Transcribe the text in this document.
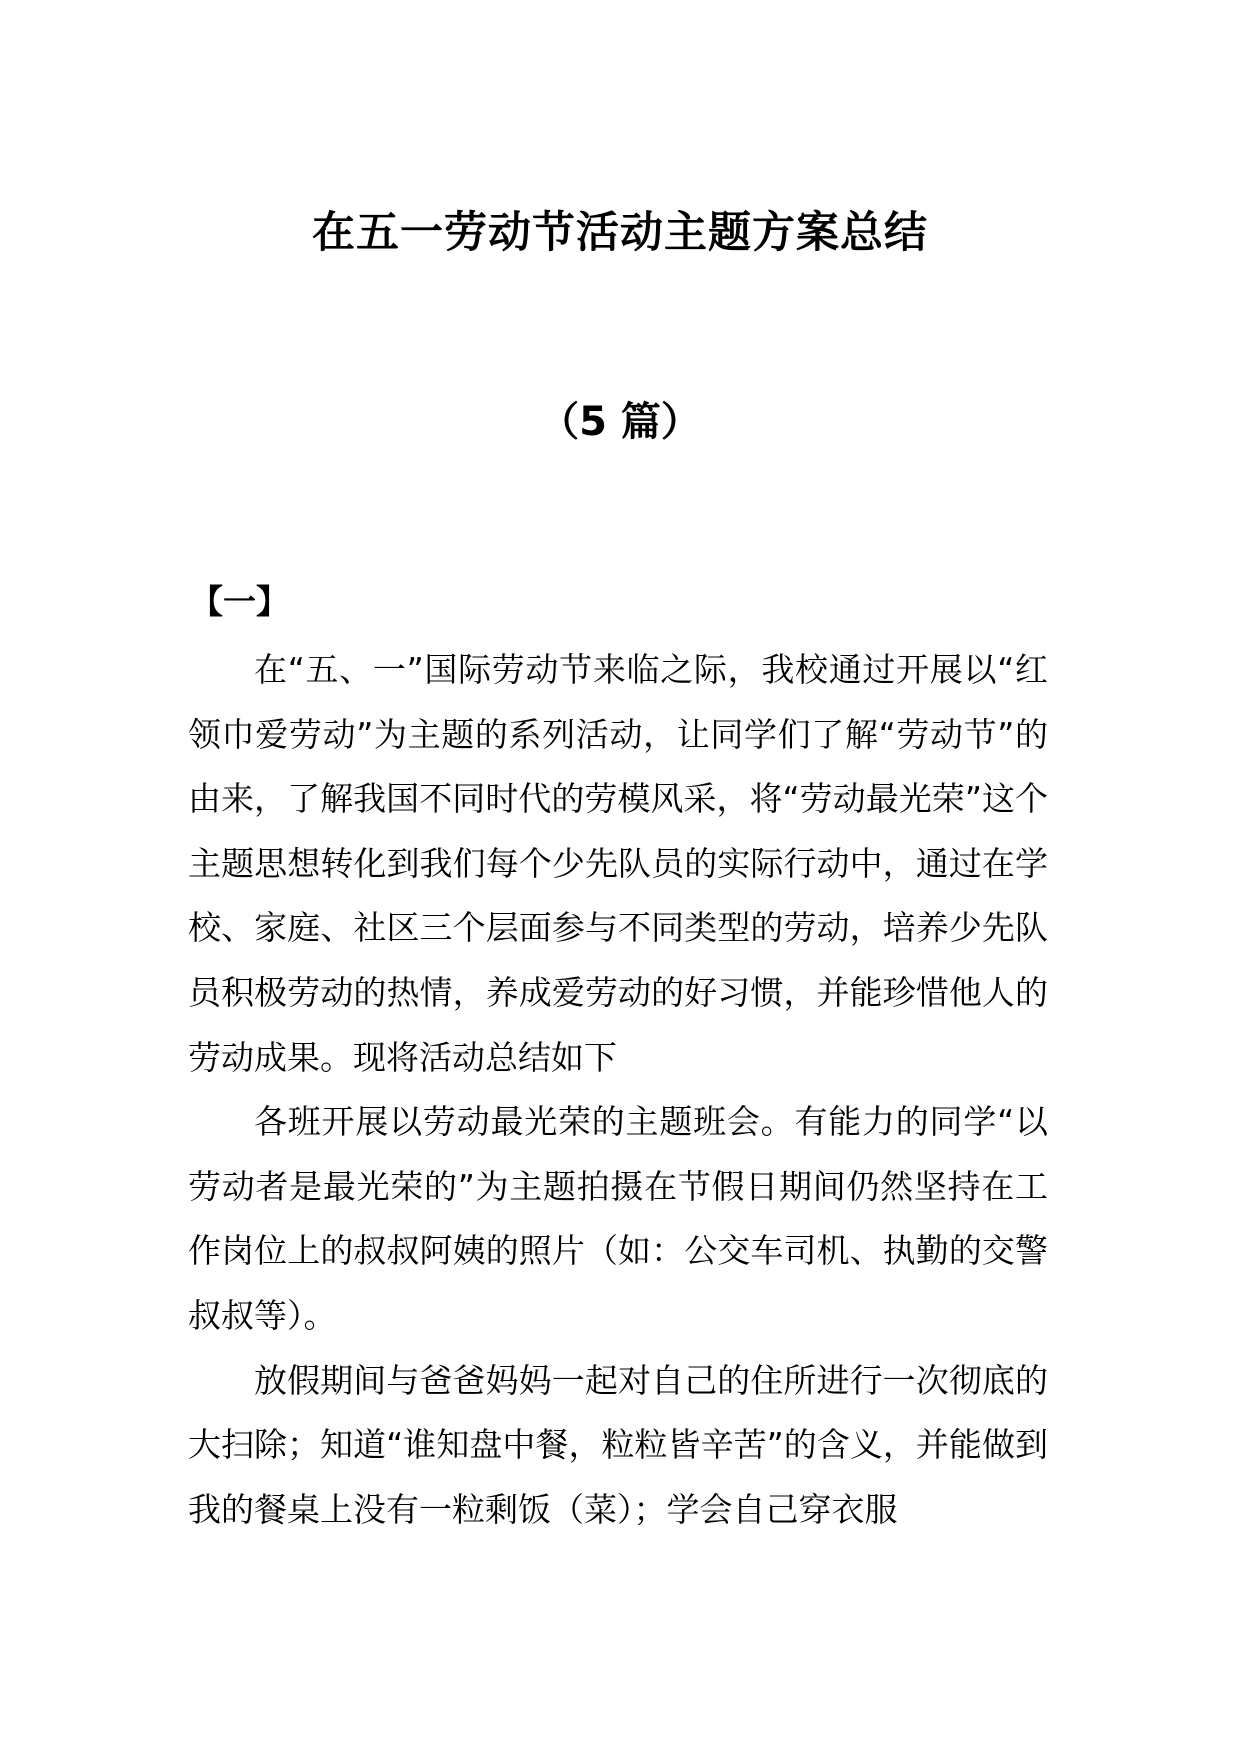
在五一劳动节活动主题方案总结
（5 篇）
【一】

在“五、一”国际劳动节来临之际，我校通过开展以“红领巾爱劳动”为主题的系列活动，让同学们了解“劳动节”的由来，了解我国不同时代的劳模风采，将“劳动最光荣”这个主题思想转化到我们每个少先队员的实际行动中，通过在学校、家庭、社区三个层面参与不同类型的劳动，培养少先队员积极劳动的热情，养成爱劳动的好习惯，并能珍惜他人的劳动成果。现将活动总结如下

各班开展以劳动最光荣的主题班会。有能力的同学“以劳动者是最光荣的”为主题拍摄在节假日期间仍然坚持在工作岗位上的叔叔阿姨的照片（如：公交车司机、执勤的交警叔叔等）。

放假期间与爸爸妈妈一起对自己的住所进行一次彻底的大扫除；知道“谁知盘中餐，粒粒皆辛苦”的含义，并能做到我的餐桌上没有一粒剩饭（菜）；学会自己穿衣服
